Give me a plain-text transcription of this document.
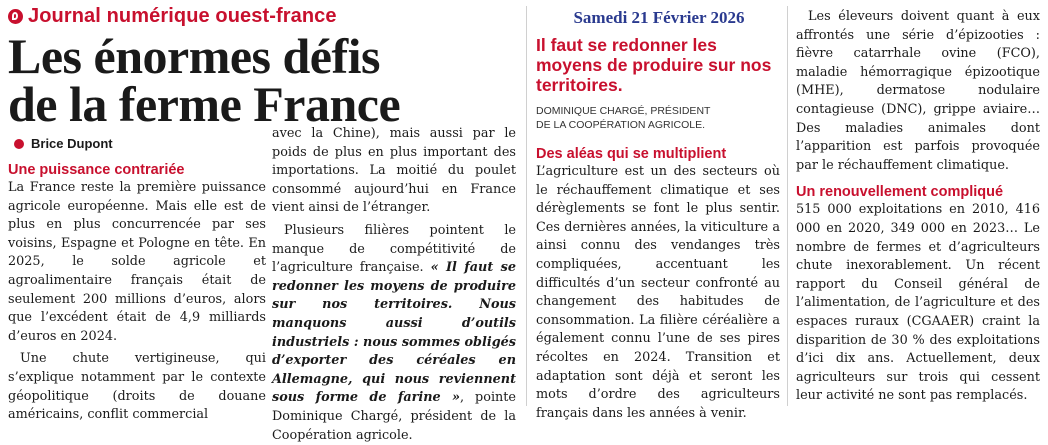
Journal numérique ouest-france
Les énormes défis
de la ferme France
Brice Dupont
Une puissance contrariée

La France reste la première puissance agricole européenne. Mais elle est de plus en plus concurrencée par ses voisins, Espagne et Pologne en tête. En 2025, le solde agricole et agroalimentaire français était de seulement 200 millions d’euros, alors que l’excédent était de 4,9 milliards d’euros en 2024.

Une chute vertigineuse, qui s’explique notamment par le contexte géopolitique (droits de douane américains, conflit commercial

avec la Chine), mais aussi par le poids de plus en plus important des importations. La moitié du poulet consommé aujourd’hui en France vient ainsi de l’étranger.

Plusieurs filières pointent le manque de compétitivité de l’agriculture française. « Il faut se redonner les moyens de produire sur nos territoires. Nous manquons aussi d’outils industriels : nous sommes obligés d’exporter des céréales en Allemagne, qui nous reviennent sous forme de farine », pointe Dominique Chargé, président de la Coopération agricole.

Samedi 21 Février 2026

Il faut se redonner les moyens de produire sur nos territoires.

DOMINIQUE CHARGÉ, PRÉSIDENT
DE LA COOPÉRATION AGRICOLE.

Des aléas qui se multiplient

L’agriculture est un des secteurs où le réchauffement climatique et ses dérèglements se font le plus sentir. Ces dernières années, la viticulture a ainsi connu des vendanges très compliquées, accentuant les difficultés d’un secteur confronté au changement des habitudes de consommation. La filière céréalière a également connu l’une de ses pires récoltes en 2024. Transition et adaptation sont déjà et seront les mots d’ordre des agriculteurs français dans les années à venir.

Les éleveurs doivent quant à eux affrontés une série d’épizooties : fièvre catarrhale ovine (FCO), maladie hémorragique épizootique (MHE), dermatose nodulaire contagieuse (DNC), grippe aviaire… Des maladies animales dont l’apparition est parfois provoquée par le réchauffement climatique.

Un renouvellement compliqué

515 000 exploitations en 2010, 416 000 en 2020, 349 000 en 2023… Le nombre de fermes et d’agriculteurs chute inexorablement. Un récent rapport du Conseil général de l’alimentation, de l’agriculture et des espaces ruraux (CGAAER) craint la disparition de 30 % des exploitations d’ici dix ans. Actuellement, deux agriculteurs sur trois qui cessent leur activité ne sont pas remplacés.
